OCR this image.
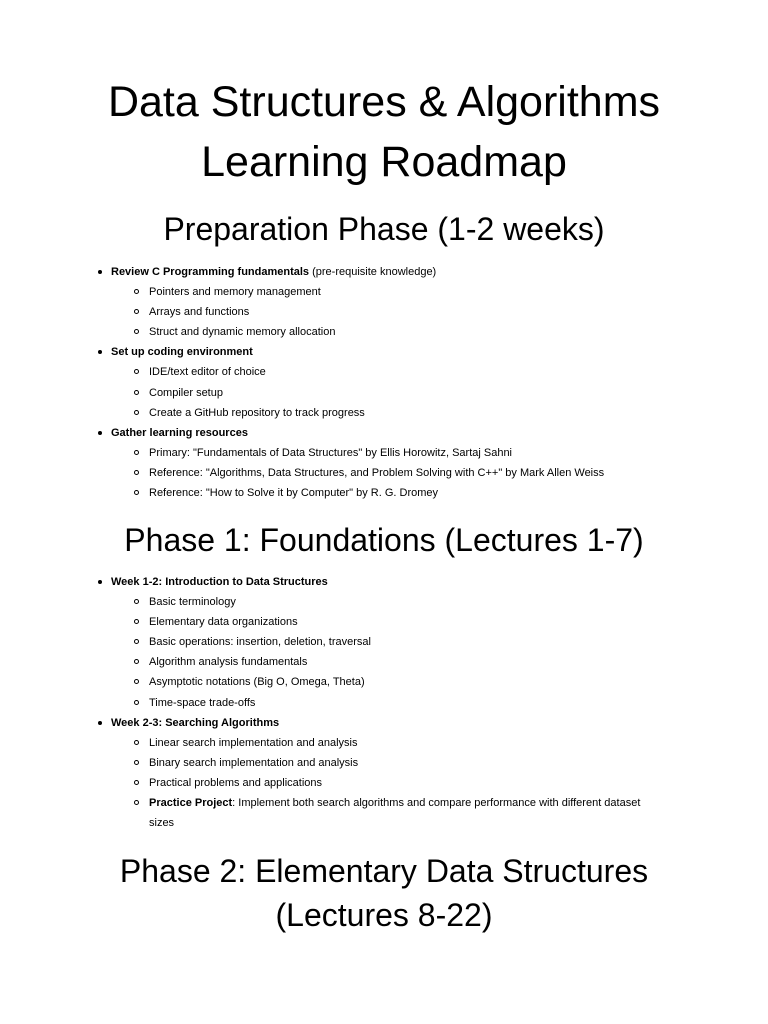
Data Structures & Algorithms
Learning Roadmap
Preparation Phase (1-2 weeks)
Review C Programming fundamentals (pre-requisite knowledge)
Pointers and memory management
Arrays and functions
Struct and dynamic memory allocation
Set up coding environment
IDE/text editor of choice
Compiler setup
Create a GitHub repository to track progress
Gather learning resources
Primary: "Fundamentals of Data Structures" by Ellis Horowitz, Sartaj Sahni
Reference: "Algorithms, Data Structures, and Problem Solving with C++" by Mark Allen Weiss
Reference: "How to Solve it by Computer" by R. G. Dromey
Phase 1: Foundations (Lectures 1-7)
Week 1-2: Introduction to Data Structures
Basic terminology
Elementary data organizations
Basic operations: insertion, deletion, traversal
Algorithm analysis fundamentals
Asymptotic notations (Big O, Omega, Theta)
Time-space trade-offs
Week 2-3: Searching Algorithms
Linear search implementation and analysis
Binary search implementation and analysis
Practical problems and applications
Practice Project: Implement both search algorithms and compare performance with different dataset sizes
Phase 2: Elementary Data Structures
(Lectures 8-22)
